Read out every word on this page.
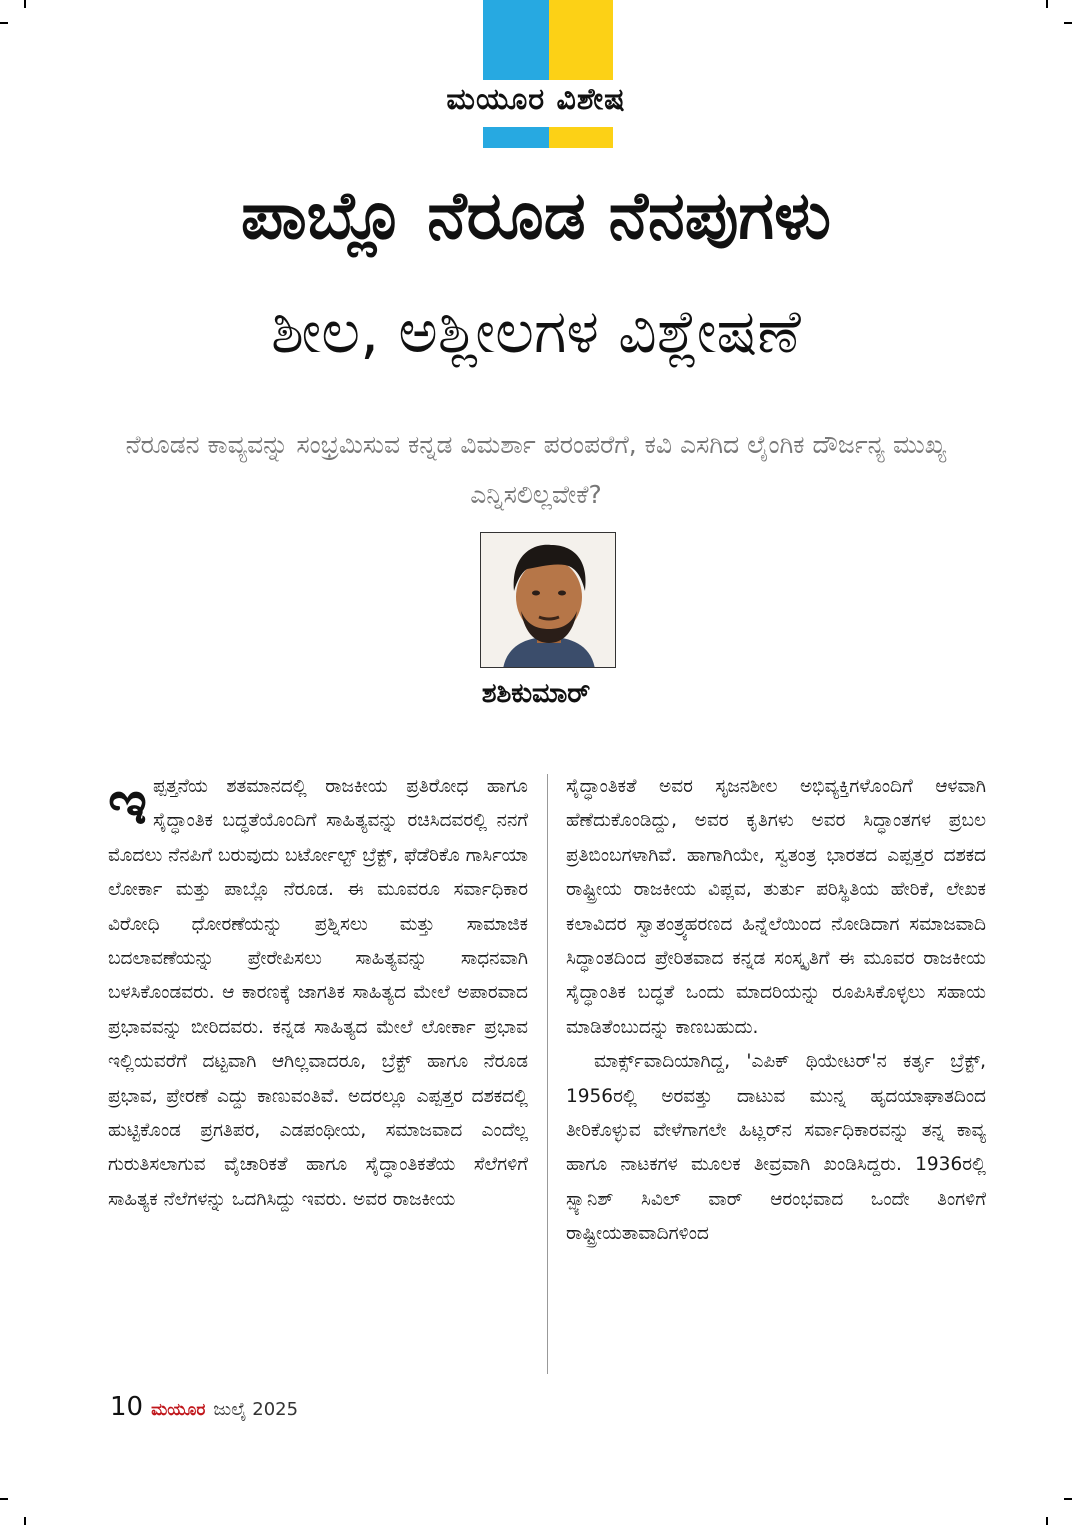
ಮಯೂರ ವಿಶೇಷ
ಪಾಬ್ಲೊ ನೆರೂಡ ನೆನಪುಗಳು
ಶೀಲ, ಅಶ್ಲೀಲಗಳ ವಿಶ್ಲೇಷಣೆ
ನೆರೂಡನ ಕಾವ್ಯವನ್ನು ಸಂಭ್ರಮಿಸುವ ಕನ್ನಡ ವಿಮರ್ಶಾ ಪರಂಪರೆಗೆ, ಕವಿ ಎಸಗಿದ ಲೈಂಗಿಕ ದೌರ್ಜನ್ಯ ಮುಖ್ಯ ಎನ್ನಿಸಲಿಲ್ಲವೇಕೆ?
ಶಶಿಕುಮಾರ್

ಇಪ್ಪತ್ತನೆಯ ಶತಮಾನದಲ್ಲಿ ರಾಜಕೀಯ ಪ್ರತಿರೋಧ ಹಾಗೂ ಸೈದ್ಧಾಂತಿಕ ಬದ್ಧತೆಯೊಂದಿಗೆ ಸಾಹಿತ್ಯವನ್ನು ರಚಿಸಿದವರಲ್ಲಿ ನನಗೆ ಮೊದಲು ನೆನಪಿಗೆ ಬರುವುದು ಬರ್ಟೋಲ್ಟ್ ಬ್ರೆಕ್ಟ್, ಫೆಡೆರಿಕೊ ಗಾರ್ಸಿಯಾ ಲೋರ್ಕಾ ಮತ್ತು ಪಾಬ್ಲೊ ನೆರೂಡ. ಈ ಮೂವರೂ ಸರ್ವಾಧಿಕಾರ ವಿರೋಧಿ ಧೋರಣೆಯನ್ನು ಪ್ರಶ್ನಿಸಲು ಮತ್ತು ಸಾಮಾಜಿಕ ಬದಲಾವಣೆಯನ್ನು ಪ್ರೇರೇಪಿಸಲು ಸಾಹಿತ್ಯವನ್ನು ಸಾಧನವಾಗಿ ಬಳಸಿಕೊಂಡವರು. ಆ ಕಾರಣಕ್ಕೆ ಜಾಗತಿಕ ಸಾಹಿತ್ಯದ ಮೇಲೆ ಅಪಾರವಾದ ಪ್ರಭಾವವನ್ನು ಬೀರಿದವರು. ಕನ್ನಡ ಸಾಹಿತ್ಯದ ಮೇಲೆ ಲೋರ್ಕಾ ಪ್ರಭಾವ ಇಲ್ಲಿಯವರೆಗೆ ದಟ್ಟವಾಗಿ ಆಗಿಲ್ಲವಾದರೂ, ಬ್ರೆಕ್ಟ್ ಹಾಗೂ ನೆರೂಡ ಪ್ರಭಾವ, ಪ್ರೇರಣೆ ಎದ್ದು ಕಾಣುವಂತಿವೆ. ಅದರಲ್ಲೂ ಎಪ್ಪತ್ತರ ದಶಕದಲ್ಲಿ ಹುಟ್ಟಿಕೊಂಡ ಪ್ರಗತಿಪರ, ಎಡಪಂಥೀಯ, ಸಮಾಜವಾದ ಎಂದೆಲ್ಲ ಗುರುತಿಸಲಾಗುವ ವೈಚಾರಿಕತೆ ಹಾಗೂ ಸೈದ್ಧಾಂತಿಕತೆಯ ಸೆಲೆಗಳಿಗೆ ಸಾಹಿತ್ಯಕ ನೆಲೆಗಳನ್ನು ಒದಗಿಸಿದ್ದು ಇವರು. ಅವರ ರಾಜಕೀಯ

ಸೈದ್ಧಾಂತಿಕತೆ ಅವರ ಸೃಜನಶೀಲ ಅಭಿವ್ಯಕ್ತಿಗಳೊಂದಿಗೆ ಆಳವಾಗಿ ಹೆಣೆದುಕೊಂಡಿದ್ದು, ಅವರ ಕೃತಿಗಳು ಅವರ ಸಿದ್ಧಾಂತಗಳ ಪ್ರಬಲ ಪ್ರತಿಬಿಂಬಗಳಾಗಿವೆ. ಹಾಗಾಗಿಯೇ, ಸ್ವತಂತ್ರ ಭಾರತದ ಎಪ್ಪತ್ತರ ದಶಕದ ರಾಷ್ಟ್ರೀಯ ರಾಜಕೀಯ ವಿಪ್ಲವ, ತುರ್ತು ಪರಿಸ್ಥಿತಿಯ ಹೇರಿಕೆ, ಲೇಖಕ ಕಲಾವಿದರ ಸ್ವಾತಂತ್ರ್ಯಹರಣದ ಹಿನ್ನೆಲೆಯಿಂದ ನೋಡಿದಾಗ ಸಮಾಜವಾದಿ ಸಿದ್ಧಾಂತದಿಂದ ಪ್ರೇರಿತವಾದ ಕನ್ನಡ ಸಂಸ್ಕೃತಿಗೆ ಈ ಮೂವರ ರಾಜಕೀಯ ಸೈದ್ಧಾಂತಿಕ ಬದ್ಧತೆ ಒಂದು ಮಾದರಿಯನ್ನು ರೂಪಿಸಿಕೊಳ್ಳಲು ಸಹಾಯ ಮಾಡಿತೆಂಬುದನ್ನು ಕಾಣಬಹುದು.

ಮಾರ್ಕ್ಸ್‌ವಾದಿಯಾಗಿದ್ದ, 'ಎಪಿಕ್ ಥಿಯೇಟರ್'ನ ಕರ್ತೃ ಬ್ರೆಕ್ಟ್, 1956ರಲ್ಲಿ ಅರವತ್ತು ದಾಟುವ ಮುನ್ನ ಹೃದಯಾಘಾತದಿಂದ ತೀರಿಕೊಳ್ಳುವ ವೇಳೆಗಾಗಲೇ ಹಿಟ್ಲರ್‌ನ ಸರ್ವಾಧಿಕಾರವನ್ನು ತನ್ನ ಕಾವ್ಯ ಹಾಗೂ ನಾಟಕಗಳ ಮೂಲಕ ತೀವ್ರವಾಗಿ ಖಂಡಿಸಿದ್ದರು. 1936ರಲ್ಲಿ ಸ್ಪ್ಯಾನಿಶ್ ಸಿವಿಲ್ ವಾರ್ ಆರಂಭವಾದ ಒಂದೇ ತಿಂಗಳಿಗೆ ರಾಷ್ಟ್ರೀಯತಾವಾದಿಗಳಿಂದ

10 ಮಯೂರ ಜುಲೈ 2025
